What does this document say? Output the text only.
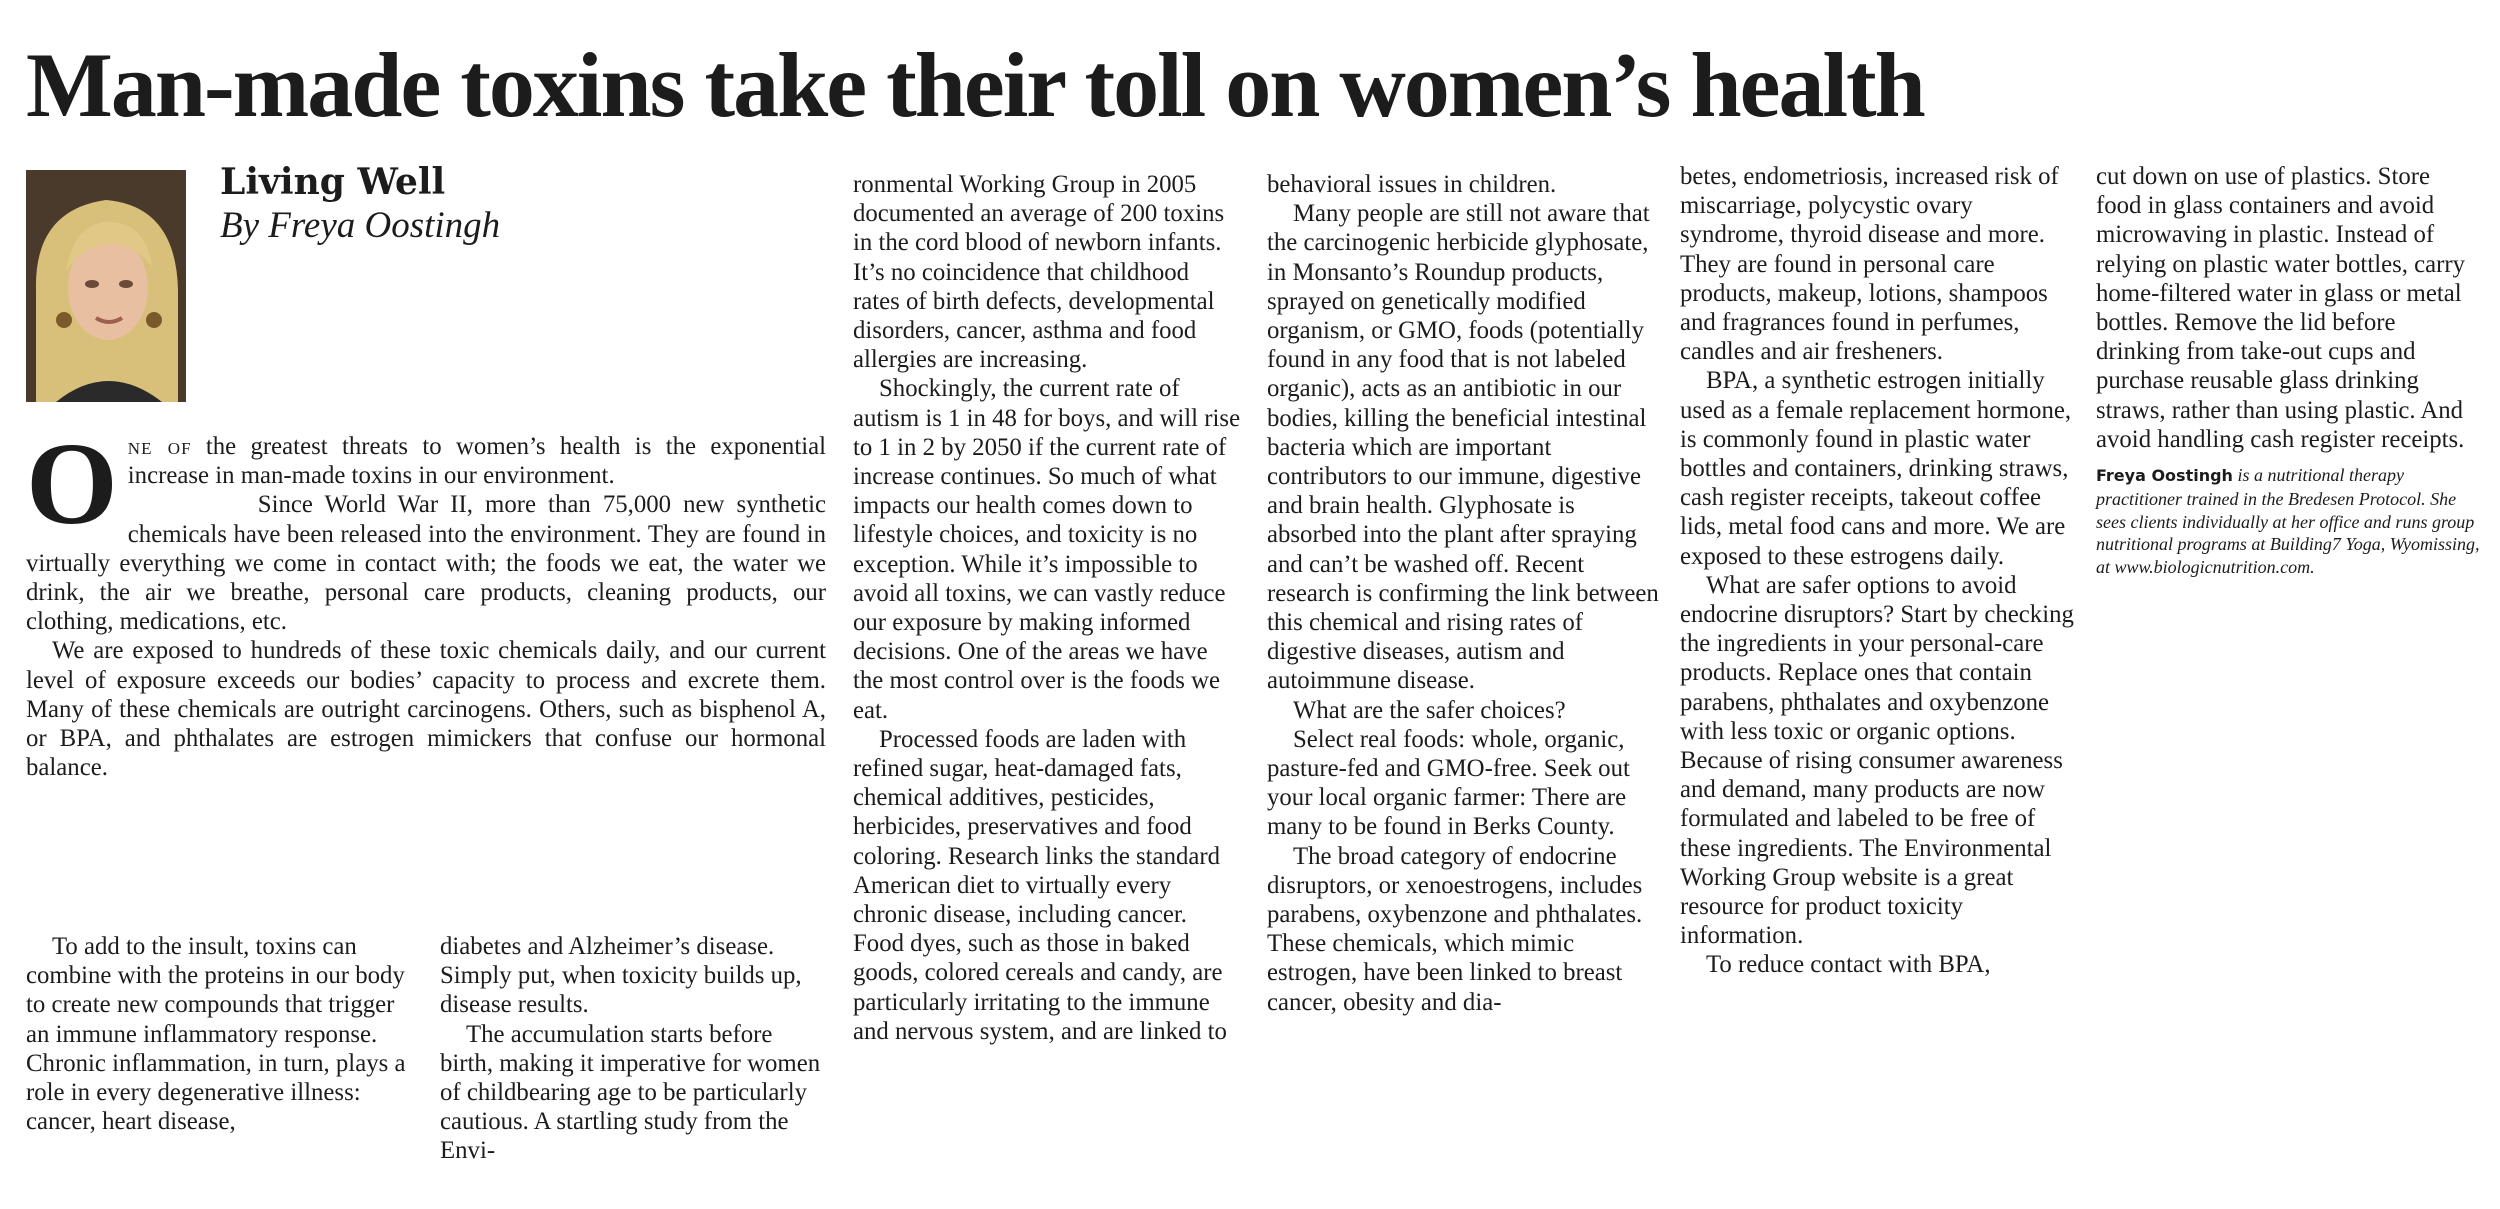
Man-made toxins take their toll on women’s health
Living Well
By Freya Oostingh

One of the greatest threats to women’s health is the exponential increase in man-made toxins in our environment.

Since World War II, more than 75,000 new synthetic chemicals have been released into the environment. They are found in virtually everything we come in contact with; the foods we eat, the water we drink, the air we breathe, personal care products, cleaning products, our clothing, medications, etc.

We are exposed to hundreds of these toxic chemicals daily, and our current level of exposure exceeds our bodies’ capacity to process and excrete them. Many of these chemicals are outright carcinogens. Others, such as bisphenol A, or BPA, and phthalates are estrogen mimickers that confuse our hormonal balance.

To add to the insult, toxins can combine with the proteins in our body to create new compounds that trigger an immune inflammatory response. Chronic inflammation, in turn, plays a role in every degenerative illness: cancer, heart disease,

diabetes and Alzheimer’s disease. Simply put, when toxicity builds up, disease results.

The accumulation starts before birth, making it imperative for women of childbearing age to be particularly cautious. A startling study from the Envi-

ronmental Working Group in 2005 documented an average of 200 toxins in the cord blood of newborn infants. It’s no coincidence that childhood rates of birth defects, developmental disorders, cancer, asthma and food allergies are increasing.

Shockingly, the current rate of autism is 1 in 48 for boys, and will rise to 1 in 2 by 2050 if the current rate of increase continues. So much of what impacts our health comes down to lifestyle choices, and toxicity is no exception. While it’s impossible to avoid all toxins, we can vastly reduce our exposure by making informed decisions. One of the areas we have the most control over is the foods we eat.

Processed foods are laden with refined sugar, heat-damaged fats, chemical additives, pesticides, herbicides, preservatives and food coloring. Research links the standard American diet to virtually every chronic disease, including cancer. Food dyes, such as those in baked goods, colored cereals and candy, are particularly irritating to the immune and nervous system, and are linked to

behavioral issues in children.

Many people are still not aware that the carcinogenic herbicide glyphosate, in Monsanto’s Roundup products, sprayed on genetically modified organism, or GMO, foods (potentially found in any food that is not labeled organic), acts as an antibiotic in our bodies, killing the beneficial intestinal bacteria which are important contributors to our immune, digestive and brain health. Glyphosate is absorbed into the plant after spraying and can’t be washed off. Recent research is confirming the link between this chemical and rising rates of digestive diseases, autism and autoimmune disease.

What are the safer choices?

Select real foods: whole, organic, pasture-fed and GMO-free. Seek out your local organic farmer: There are many to be found in Berks County.

The broad category of endocrine disruptors, or xenoestrogens, includes parabens, oxybenzone and phthalates. These chemicals, which mimic estrogen, have been linked to breast cancer, obesity and dia-

betes, endometriosis, increased risk of miscarriage, polycystic ovary syndrome, thyroid disease and more. They are found in personal care products, makeup, lotions, shampoos and fragrances found in perfumes, candles and air fresheners.

BPA, a synthetic estrogen initially used as a female replacement hormone, is commonly found in plastic water bottles and containers, drinking straws, cash register receipts, takeout coffee lids, metal food cans and more. We are exposed to these estrogens daily.

What are safer options to avoid endocrine disruptors? Start by checking the ingredients in your personal-care products. Replace ones that contain parabens, phthalates and oxybenzone with less toxic or organic options. Because of rising consumer awareness and demand, many products are now formulated and labeled to be free of these ingredients. The Environmental Working Group website is a great resource for product toxicity information.

To reduce contact with BPA,

cut down on use of plastics. Store food in glass containers and avoid microwaving in plastic. Instead of relying on plastic water bottles, carry home-filtered water in glass or metal bottles. Remove the lid before drinking from take-out cups and purchase reusable glass drinking straws, rather than using plastic. And avoid handling cash register receipts.

Freya Oostingh is a nutritional therapy practitioner trained in the Bredesen Protocol. She sees clients individually at her office and runs group nutritional programs at Building7 Yoga, Wyomissing, at www.biologicnutrition.com.
